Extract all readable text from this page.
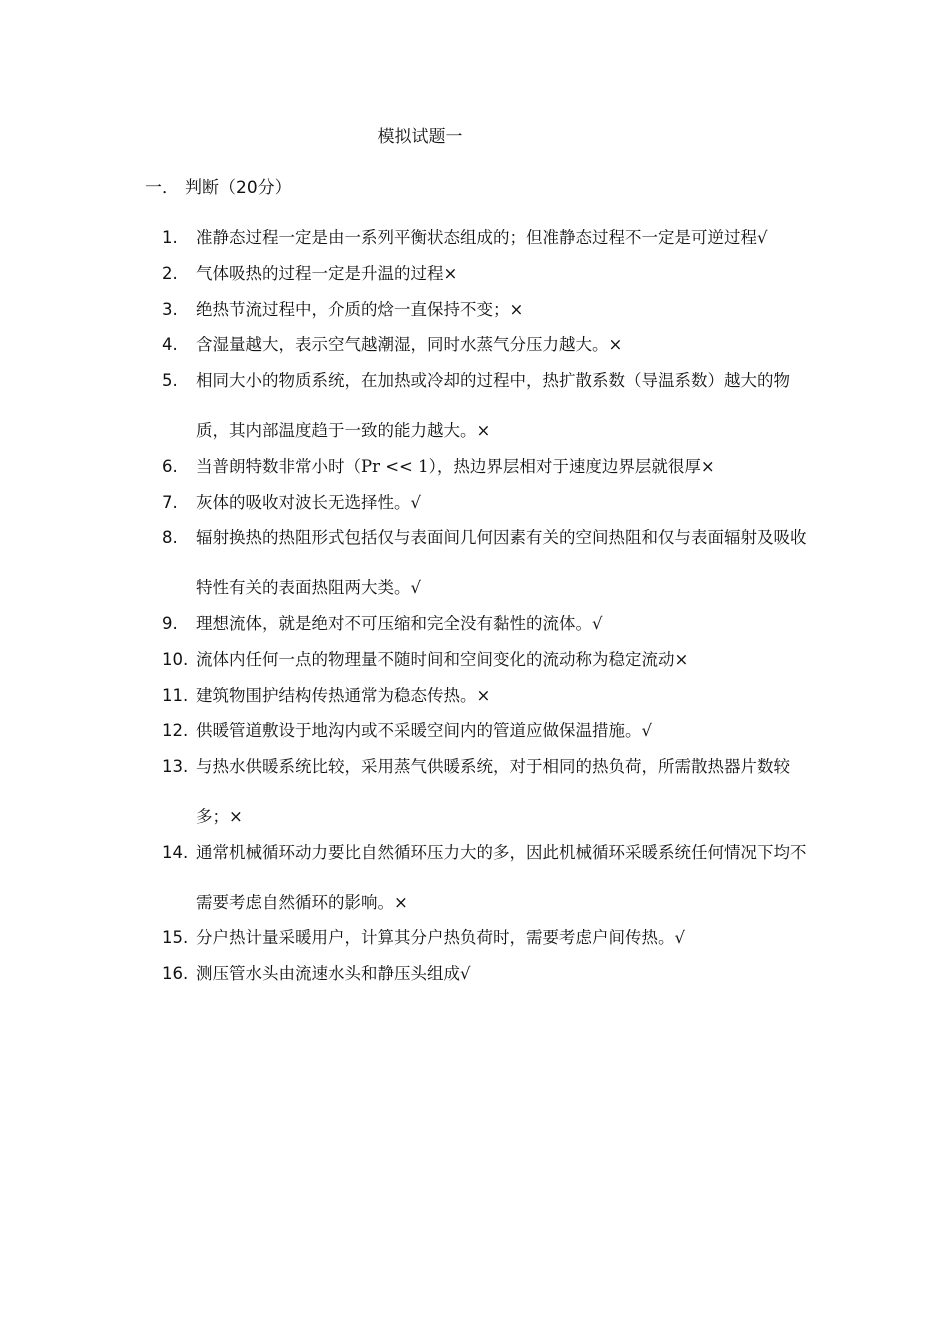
模拟试题一
一． 判断（20分）
1.	准静态过程一定是由一系列平衡状态组成的；但准静态过程不一定是可逆过程√
2.	气体吸热的过程一定是升温的过程×
3.	绝热节流过程中，介质的焓一直保持不变；×
4.	含湿量越大，表示空气越潮湿，同时水蒸气分压力越大。×
5.	相同大小的物质系统，在加热或冷却的过程中，热扩散系数（导温系数）越大的物质，其内部温度趋于一致的能力越大。×
6.	当普朗特数非常小时（Pr << 1），热边界层相对于速度边界层就很厚×
7.	灰体的吸收对波长无选择性。√
8.	辐射换热的热阻形式包括仅与表面间几何因素有关的空间热阻和仅与表面辐射及吸收特性有关的表面热阻两大类。√
9.	理想流体，就是绝对不可压缩和完全没有黏性的流体。√
10. 流体内任何一点的物理量不随时间和空间变化的流动称为稳定流动×
11. 建筑物围护结构传热通常为稳态传热。×
12. 供暖管道敷设于地沟内或不采暖空间内的管道应做保温措施。√
13. 与热水供暖系统比较，采用蒸气供暖系统，对于相同的热负荷，所需散热器片数较多；×
14. 通常机械循环动力要比自然循环压力大的多，因此机械循环采暖系统任何情况下均不需要考虑自然循环的影响。×
15. 分户热计量采暖用户，计算其分户热负荷时，需要考虑户间传热。√
16. 测压管水头由流速水头和静压头组成√
